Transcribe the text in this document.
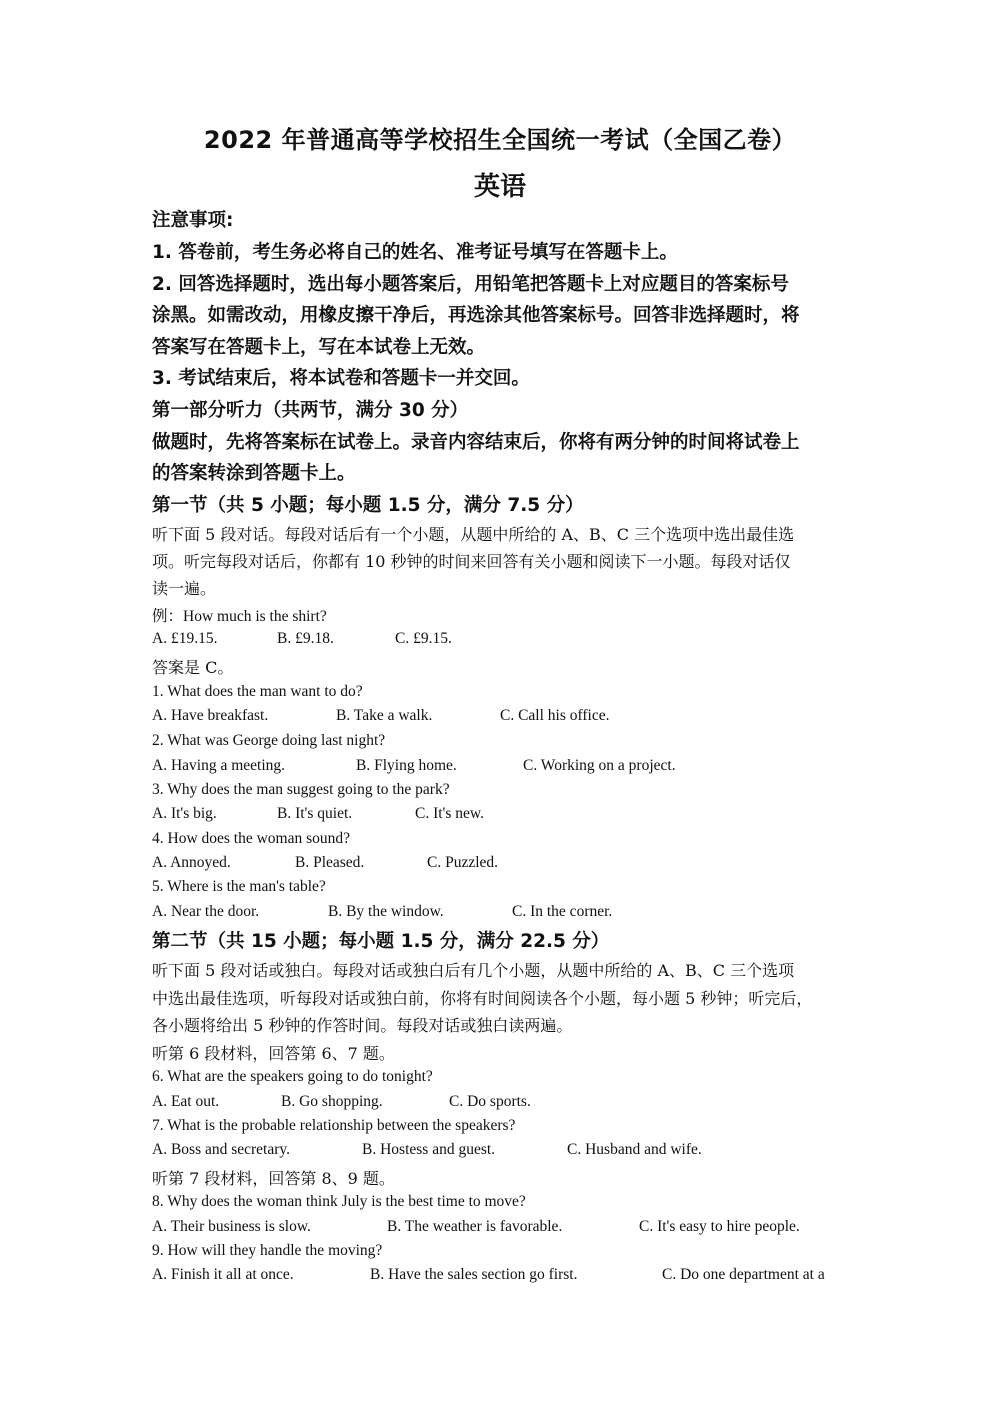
2022 年普通高等学校招生全国统一考试（全国乙卷）
英语
注意事项:
1. 答卷前，考生务必将自己的姓名、准考证号填写在答题卡上。
2. 回答选择题时，选出每小题答案后，用铅笔把答题卡上对应题目的答案标号
涂黑。如需改动，用橡皮擦干净后，再选涂其他答案标号。回答非选择题时，将
答案写在答题卡上，写在本试卷上无效。
3. 考试结束后，将本试卷和答题卡一并交回。
第一部分听力（共两节，满分 30 分）
做题时，先将答案标在试卷上。录音内容结束后，你将有两分钟的时间将试卷上
的答案转涂到答题卡上。
第一节（共 5 小题；每小题 1.5 分，满分 7.5 分）
听下面 5 段对话。每段对话后有一个小题，从题中所给的 A、B、C 三个选项中选出最佳选
项。听完每段对话后，你都有 10 秒钟的时间来回答有关小题和阅读下一小题。每段对话仅
读一遍。
例：How much is the shirt?
A. £19.15.	B. £9.18.	C. £9.15.
答案是 C。
1. What does the man want to do?
A. Have breakfast.	B. Take a walk.	C. Call his office.
2. What was George doing last night?
A. Having a meeting.	B. Flying home.	C. Working on a project.
3. Why does the man suggest going to the park?
A. It's big.	B. It's quiet.	C. It's new.
4. How does the woman sound?
A. Annoyed.	B. Pleased.	C. Puzzled.
5. Where is the man's table?
A. Near the door.	B. By the window.	C. In the corner.
第二节（共 15 小题；每小题 1.5 分，满分 22.5 分）
听下面 5 段对话或独白。每段对话或独白后有几个小题，从题中所给的 A、B、C 三个选项
中选出最佳选项，听每段对话或独白前，你将有时间阅读各个小题，每小题 5 秒钟；听完后，
各小题将给出 5 秒钟的作答时间。每段对话或独白读两遍。
听第 6 段材料，回答第 6、7 题。
6. What are the speakers going to do tonight?
A. Eat out.	B. Go shopping.	C. Do sports.
7. What is the probable relationship between the speakers?
A. Boss and secretary.	B. Hostess and guest.	C. Husband and wife.
听第 7 段材料，回答第 8、9 题。
8. Why does the woman think July is the best time to move?
A. Their business is slow.	B. The weather is favorable.	C. It's easy to hire people.
9. How will they handle the moving?
A. Finish it all at once.	B. Have the sales section go first.	C. Do one department at a
